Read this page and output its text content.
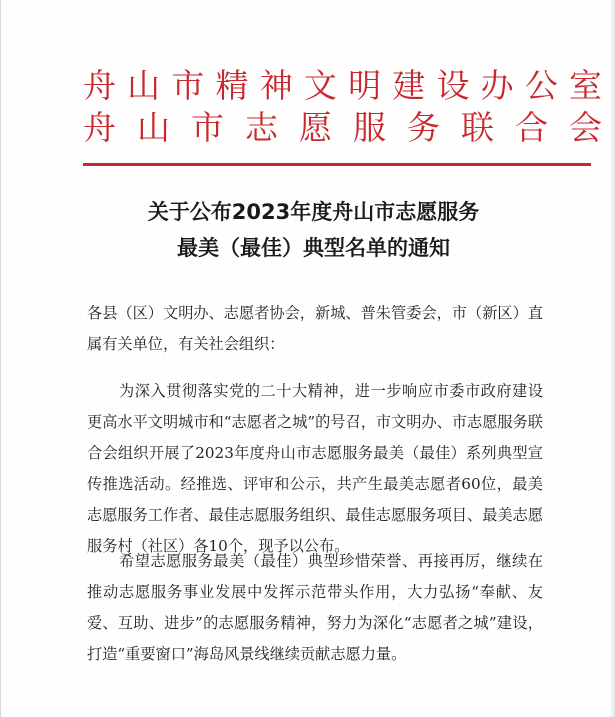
舟山市精神文明建设办公室
舟山市志愿服务联合会
关于公布2023年度舟山市志愿服务
最美（最佳）典型名单的通知

各县（区）文明办、志愿者协会，新城、普朱管委会，市（新区）直属有关单位，有关社会组织：

为深入贯彻落实党的二十大精神，进一步响应市委市政府建设更高水平文明城市和“志愿者之城”的号召，市文明办、市志愿服务联合会组织开展了2023年度舟山市志愿服务最美（最佳）系列典型宣传推选活动。经推选、评审和公示，共产生最美志愿者60位，最美志愿服务工作者、最佳志愿服务组织、最佳志愿服务项目、最美志愿服务村（社区）各10个，现予以公布。

希望志愿服务最美（最佳）典型珍惜荣誉、再接再厉，继续在推动志愿服务事业发展中发挥示范带头作用，大力弘扬“奉献、友爱、互助、进步”的志愿服务精神，努力为深化“志愿者之城”建设，打造“重要窗口”海岛风景线继续贡献志愿力量。
